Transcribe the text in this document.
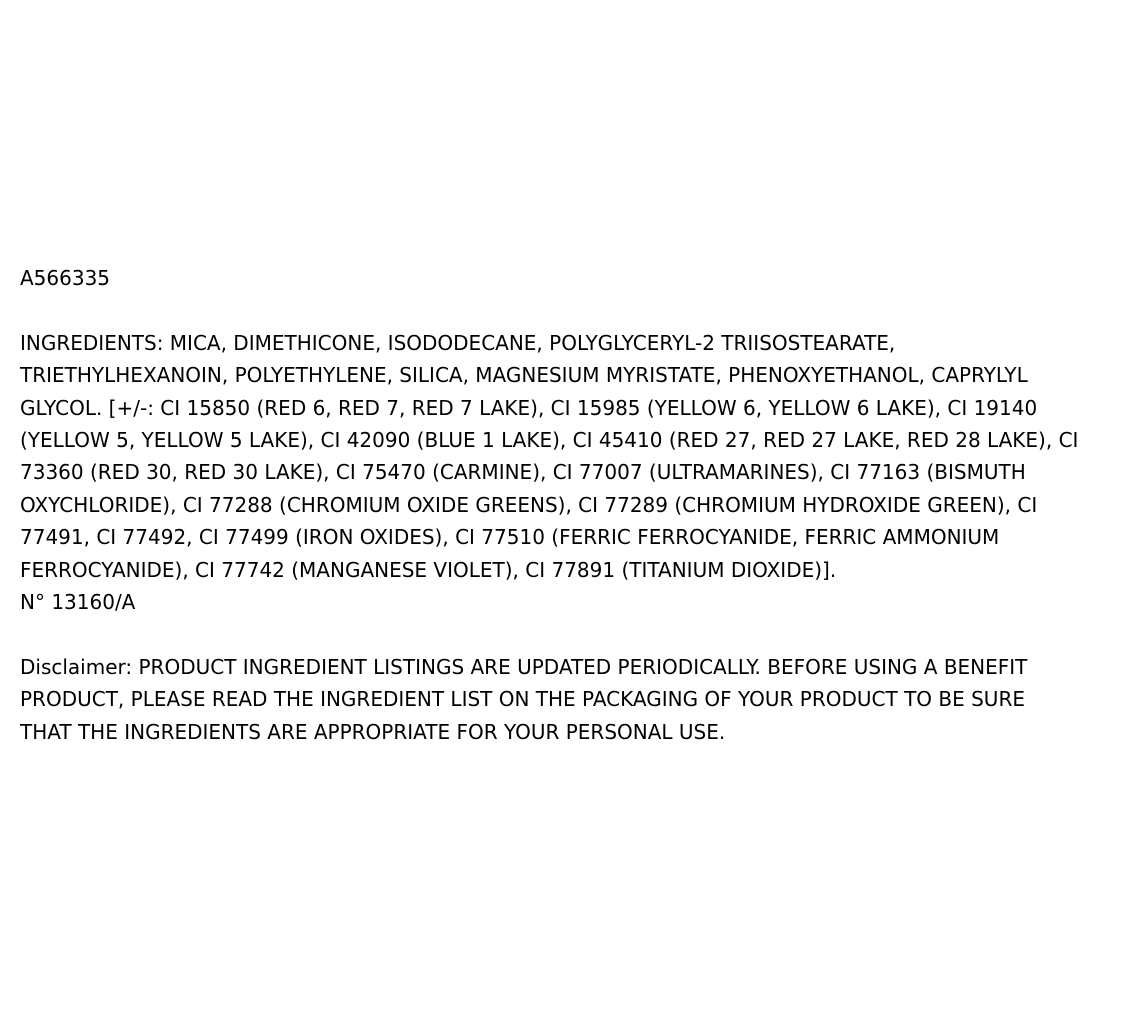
A566335

INGREDIENTS: MICA, DIMETHICONE, ISODODECANE, POLYGLYCERYL-2 TRIISOSTEARATE,
TRIETHYLHEXANOIN, POLYETHYLENE, SILICA, MAGNESIUM MYRISTATE, PHENOXYETHANOL, CAPRYLYL
GLYCOL. [+/-: CI 15850 (RED 6, RED 7, RED 7 LAKE), CI 15985 (YELLOW 6, YELLOW 6 LAKE), CI 19140
(YELLOW 5, YELLOW 5 LAKE), CI 42090 (BLUE 1 LAKE), CI 45410 (RED 27, RED 27 LAKE, RED 28 LAKE), CI
73360 (RED 30, RED 30 LAKE), CI 75470 (CARMINE), CI 77007 (ULTRAMARINES), CI 77163 (BISMUTH
OXYCHLORIDE), CI 77288 (CHROMIUM OXIDE GREENS), CI 77289 (CHROMIUM HYDROXIDE GREEN), CI
77491, CI 77492, CI 77499 (IRON OXIDES), CI 77510 (FERRIC FERROCYANIDE, FERRIC AMMONIUM
FERROCYANIDE), CI 77742 (MANGANESE VIOLET), CI 77891 (TITANIUM DIOXIDE)].

N° 13160/A

Disclaimer: PRODUCT INGREDIENT LISTINGS ARE UPDATED PERIODICALLY. BEFORE USING A BENEFIT
PRODUCT, PLEASE READ THE INGREDIENT LIST ON THE PACKAGING OF YOUR PRODUCT TO BE SURE
THAT THE INGREDIENTS ARE APPROPRIATE FOR YOUR PERSONAL USE.
